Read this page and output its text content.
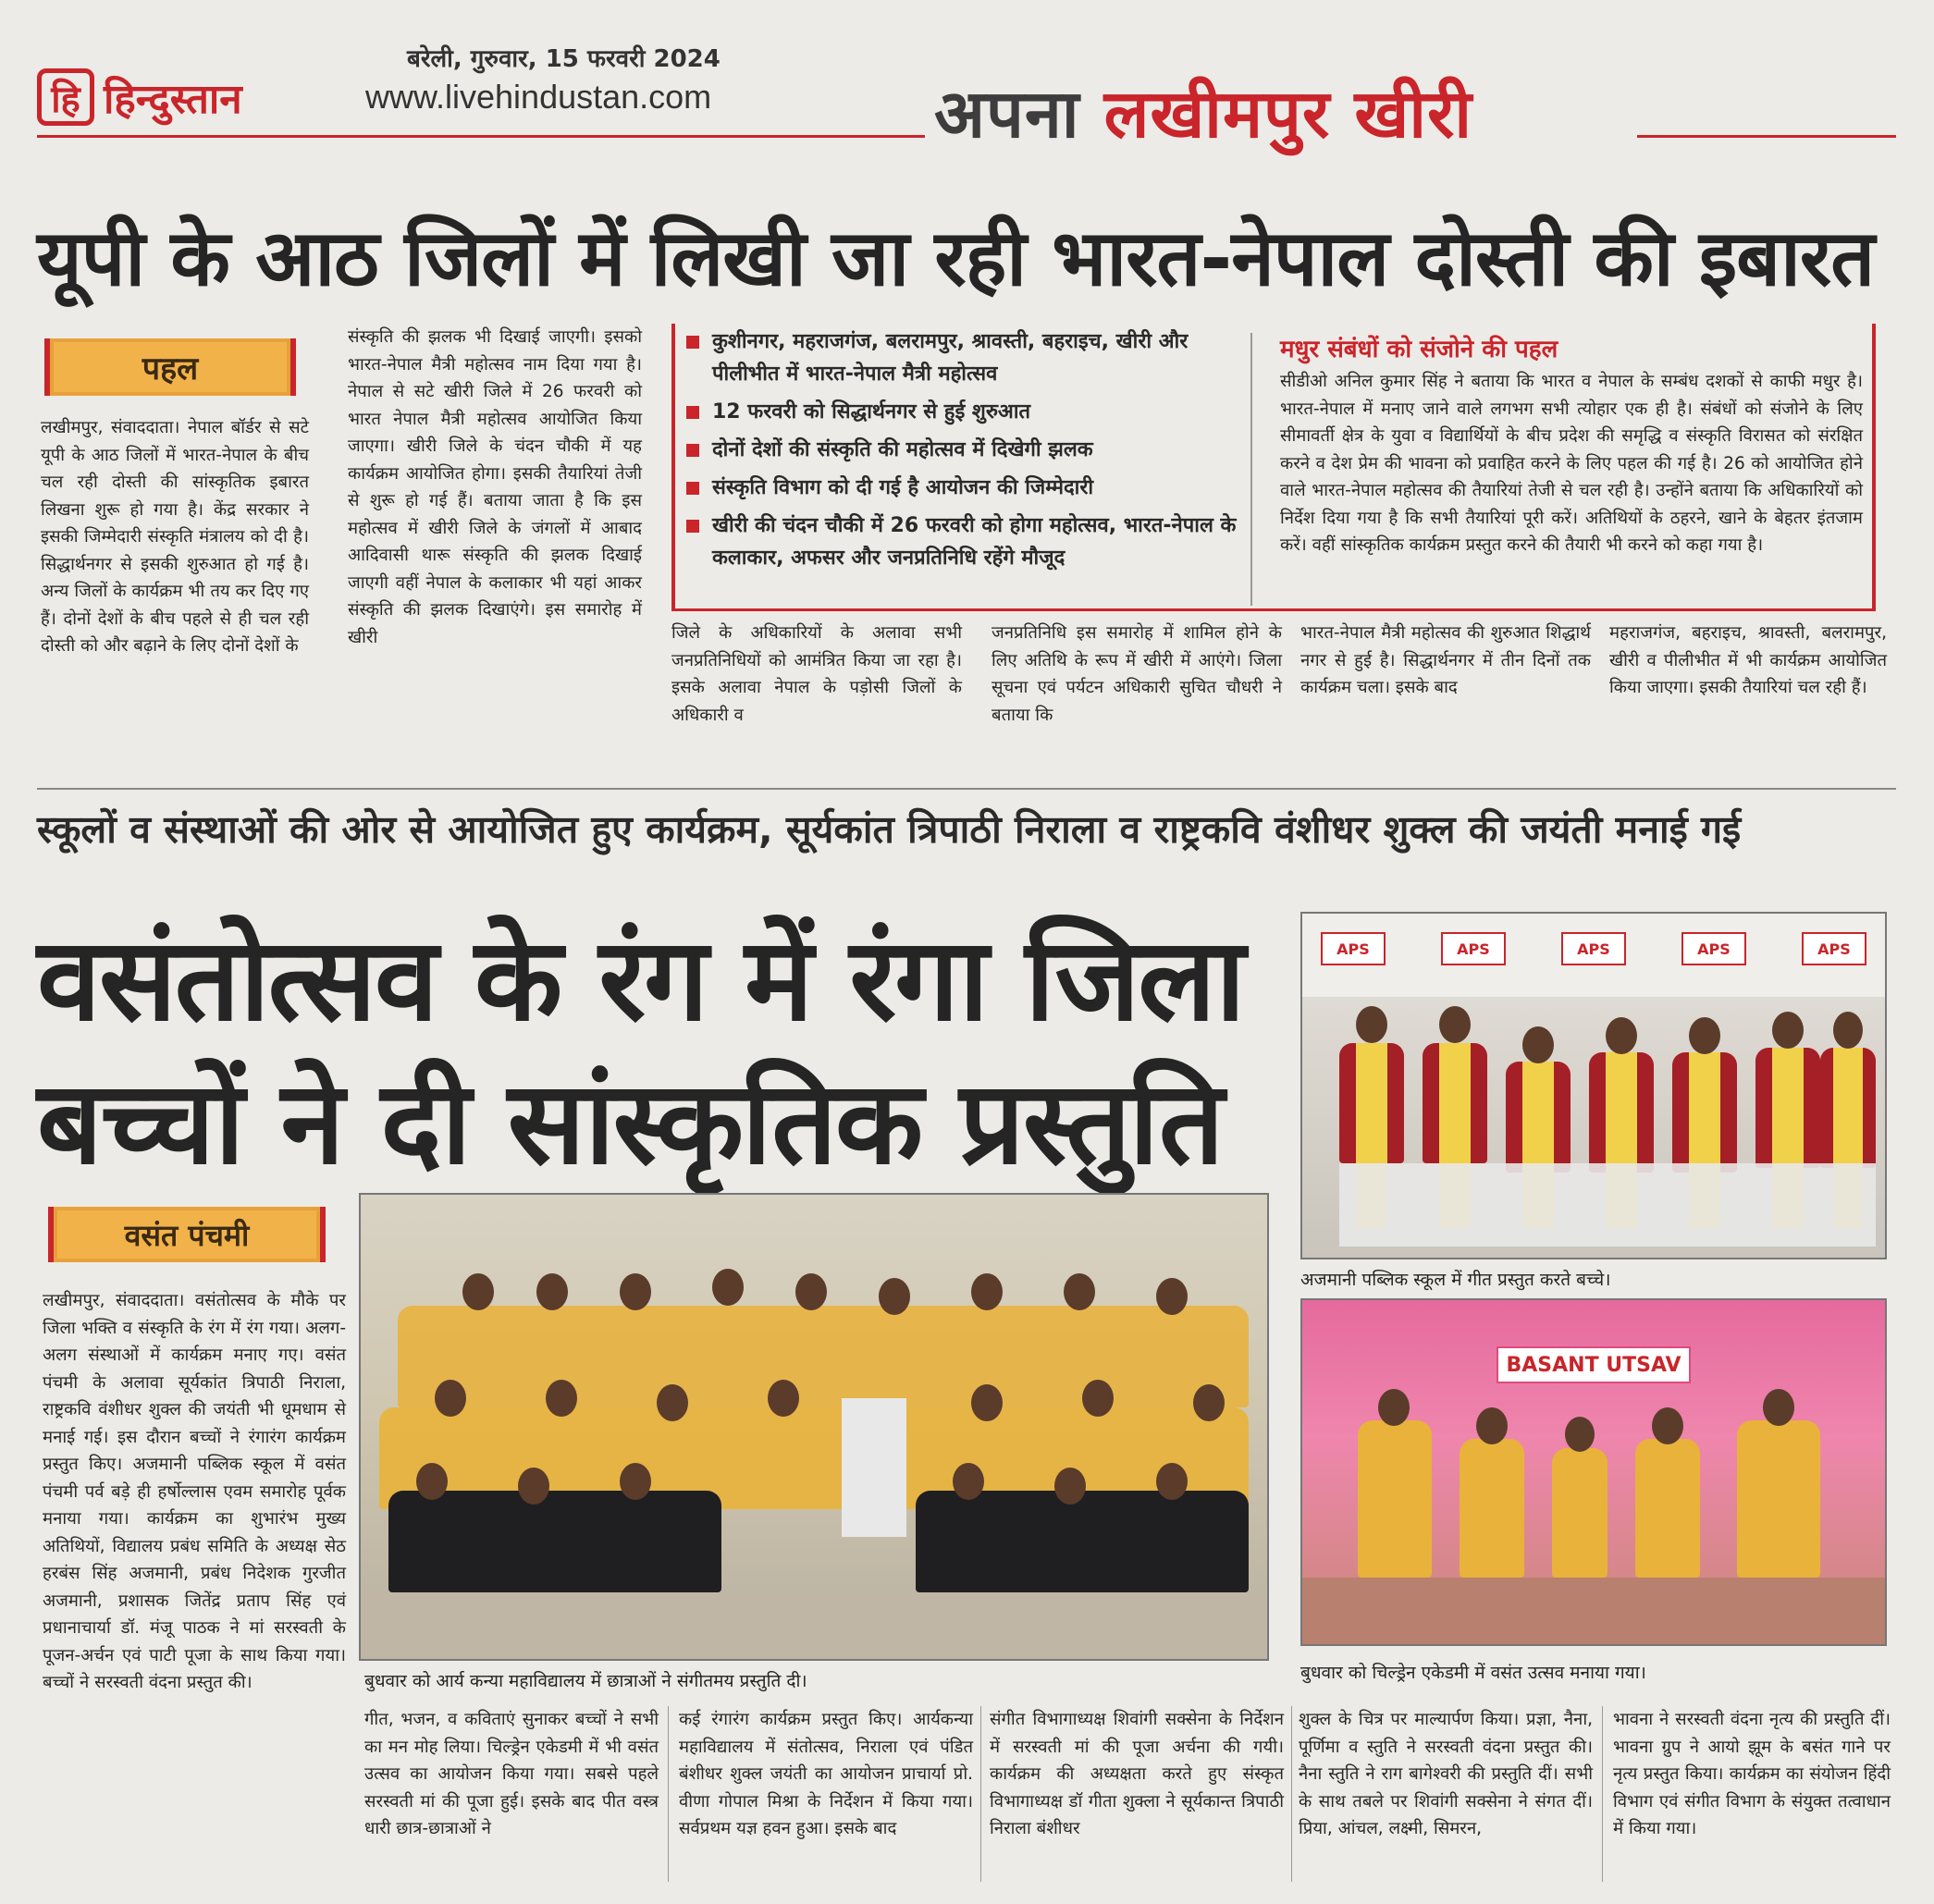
हि हिन्दुस्तान
बरेली, गुरुवार, 15 फरवरी 2024
www.livehindustan.com	अपना लखीमपुर खीरी
यूपी के आठ जिलों में लिखी जा रही भारत-नेपाल दोस्ती की इबारत
पहल
लखीमपुर, संवाददाता। नेपाल बॉर्डर से सटे यूपी के आठ जिलों में भारत-नेपाल के बीच चल रही दोस्ती की सांस्कृतिक इबारत लिखना शुरू हो गया है। केंद्र सरकार ने इसकी जिम्मेदारी संस्कृति मंत्रालय को दी है। सिद्धार्थनगर से इसकी शुरुआत हो गई है। अन्य जिलों के कार्यक्रम भी तय कर दिए गए हैं। दोनों देशों के बीच पहले से ही चल रही दोस्ती को और बढ़ाने के लिए दोनों देशों के
संस्कृति की झलक भी दिखाई जाएगी। इसको भारत-नेपाल मैत्री महोत्सव नाम दिया गया है। नेपाल से सटे खीरी जिले में 26 फरवरी को भारत नेपाल मैत्री महोत्सव आयोजित किया जाएगा। खीरी जिले के चंदन चौकी में यह कार्यक्रम आयोजित होगा। इसकी तैयारियां तेजी से शुरू हो गई हैं। बताया जाता है कि इस महोत्सव में खीरी जिले के जंगलों में आबाद आदिवासी थारू संस्कृति की झलक दिखाई जाएगी वहीं नेपाल के कलाकार भी यहां आकर संस्कृति की झलक दिखाएंगे। इस समारोह में खीरी
कुशीनगर, महराजगंज, बलरामपुर, श्रावस्ती, बहराइच, खीरी और पीलीभीत में भारत-नेपाल मैत्री महोत्सव
12 फरवरी को सिद्धार्थनगर से हुई शुरुआत
दोनों देशों की संस्कृति की महोत्सव में दिखेगी झलक
संस्कृति विभाग को दी गई है आयोजन की जिम्मेदारी
खीरी की चंदन चौकी में 26 फरवरी को होगा महोत्सव, भारत-नेपाल के कलाकार, अफसर और जनप्रतिनिधि रहेंगे मौजूद
मधुर संबंधों को संजोने की पहल
सीडीओ अनिल कुमार सिंह ने बताया कि भारत व नेपाल के सम्बंध दशकों से काफी मधुर है। भारत-नेपाल में मनाए जाने वाले लगभग सभी त्योहार एक ही है। संबंधों को संजोने के लिए सीमावर्ती क्षेत्र के युवा व विद्यार्थियों के बीच प्रदेश की समृद्धि व संस्कृति विरासत को संरक्षित करने व देश प्रेम की भावना को प्रवाहित करने के लिए पहल की गई है। 26 को आयोजित होने वाले भारत-नेपाल महोत्सव की तैयारियां तेजी से चल रही है। उन्होंने बताया कि अधिकारियों को निर्देश दिया गया है कि सभी तैयारियां पूरी करें। अतिथियों के ठहरने, खाने के बेहतर इंतजाम करें। वहीं सांस्कृतिक कार्यक्रम प्रस्तुत करने की तैयारी भी करने को कहा गया है।
जिले के अधिकारियों के अलावा सभी जनप्रतिनिधियों को आमंत्रित किया जा रहा है। इसके अलावा नेपाल के पड़ोसी जिलों के अधिकारी व
जनप्रतिनिधि इस समारोह में शामिल होने के लिए अतिथि के रूप में खीरी में आएंगे। जिला सूचना एवं पर्यटन अधिकारी सुचित चौधरी ने बताया कि
भारत-नेपाल मैत्री महोत्सव की शुरुआत शिद्धार्थ नगर से हुई है। सिद्धार्थनगर में तीन दिनों तक कार्यक्रम चला। इसके बाद
महराजगंज, बहराइच, श्रावस्ती, बलरामपुर, खीरी व पीलीभीत में भी कार्यक्रम आयोजित किया जाएगा। इसकी तैयारियां चल रही हैं।
स्कूलों व संस्थाओं की ओर से आयोजित हुए कार्यक्रम, सूर्यकांत त्रिपाठी निराला व राष्ट्रकवि वंशीधर शुक्ल की जयंती मनाई गई
वसंतोत्सव के रंग में रंगा जिला
बच्चों ने दी सांस्कृतिक प्रस्तुति
वसंत पंचमी
लखीमपुर, संवाददाता। वसंतोत्सव के मौके पर जिला भक्ति व संस्कृति के रंग में रंग गया। अलग-अलग संस्थाओं में कार्यक्रम मनाए गए। वसंत पंचमी के अलावा सूर्यकांत त्रिपाठी निराला, राष्ट्रकवि वंशीधर शुक्ल की जयंती भी धूमधाम से मनाई गई। इस दौरान बच्चों ने रंगारंग कार्यक्रम प्रस्तुत किए। अजमानी पब्लिक स्कूल में वसंत पंचमी पर्व बड़े ही हर्षोल्लास एवम समारोह पूर्वक मनाया गया। कार्यक्रम का शुभारंभ मुख्य अतिथियों, विद्यालय प्रबंध समिति के अध्यक्ष सेठ हरबंस सिंह अजमानी, प्रबंध निदेशक गुरजीत अजमानी, प्रशासक जितेंद्र प्रताप सिंह एवं प्रधानाचार्या डॉ. मंजू पाठक ने मां सरस्वती के पूजन-अर्चन एवं पाटी पूजा के साथ किया गया। बच्चों ने सरस्वती वंदना प्रस्तुत की।	बुधवार को आर्य कन्या महाविद्यालय में छात्राओं ने संगीतमय प्रस्तुति दी।
APS	APS	APS	APS	APS
अजमानी पब्लिक स्कूल में गीत प्रस्तुत करते बच्चे।
BASANT UTSAV
बुधवार को चिल्ड्रेन एकेडमी में वसंत उत्सव मनाया गया।
गीत, भजन, व कविताएं सुनाकर बच्चों ने सभी का मन मोह लिया। चिल्ड्रेन एकेडमी में भी वसंत उत्सव का आयोजन किया गया। सबसे पहले सरस्वती मां की पूजा हुई। इसके बाद पीत वस्त्र धारी छात्र-छात्राओं ने
कई रंगारंग कार्यक्रम प्रस्तुत किए। आर्यकन्या महाविद्यालय में संतोत्सव, निराला एवं पंडित बंशीधर शुक्ल जयंती का आयोजन प्राचार्या प्रो. वीणा गोपाल मिश्रा के निर्देशन में किया गया। सर्वप्रथम यज्ञ हवन हुआ। इसके बाद
संगीत विभागाध्यक्ष शिवांगी सक्सेना के निर्देशन में सरस्वती मां की पूजा अर्चना की गयी। कार्यक्रम की अध्यक्षता करते हुए संस्कृत विभागाध्यक्ष डॉ गीता शुक्ला ने सूर्यकान्त त्रिपाठी निराला बंशीधर
शुक्ल के चित्र पर माल्यार्पण किया। प्रज्ञा, नैना, पूर्णिमा व स्तुति ने सरस्वती वंदना प्रस्तुत की। नैना स्तुति ने राग बागेश्वरी की प्रस्तुति दीं। सभी के साथ तबले पर शिवांगी सक्सेना ने संगत दीं। प्रिया, आंचल, लक्ष्मी, सिमरन,
भावना ने सरस्वती वंदना नृत्य की प्रस्तुति दीं। भावना ग्रुप ने आयो झूम के बसंत गाने पर नृत्य प्रस्तुत किया। कार्यक्रम का संयोजन हिंदी विभाग एवं संगीत विभाग के संयुक्त तत्वाधान में किया गया।
